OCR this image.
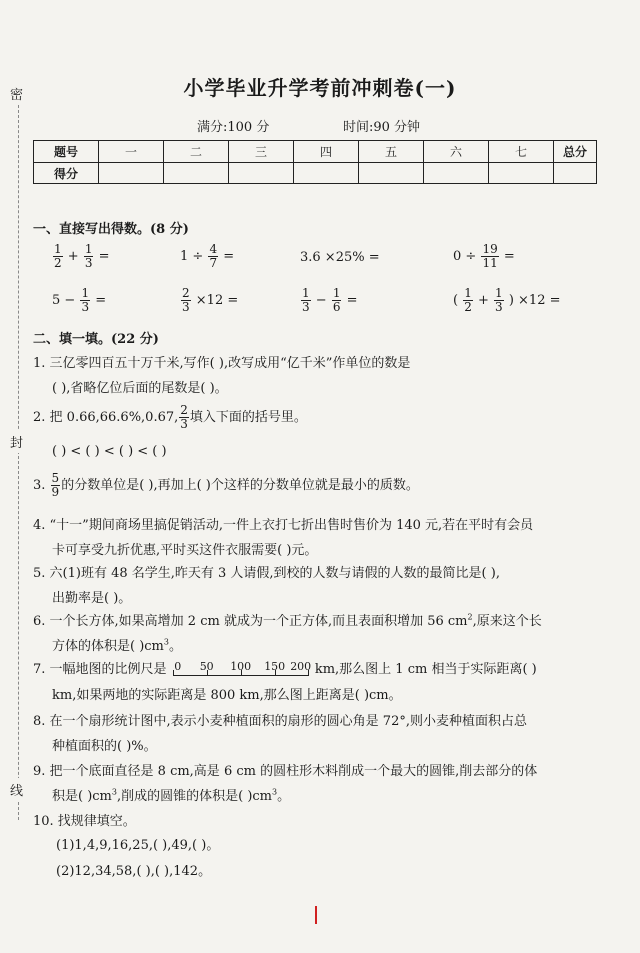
密
封
线
小学毕业升学考前冲刺卷(一)
满分:100 分	时间:90 分钟
题号	一	二	三	四	五	六	七	总分
得分								
一、直接写出得数。(8 分)
$\frac{1}{2} + \frac{1}{3}$ =	$1 \div \frac{4}{7}$ =	3.6 ×25% =	$0 \div \frac{19}{11}$ =
$5 - \frac{1}{3}$ =	$\frac{2}{3} \times 12$ =	$\frac{1}{3} - \frac{1}{6}$ =	( $\frac{1}{2} + \frac{1}{3}$ ) ×12 =
二、填一填。(22 分)
1. 三亿零四百五十万千米,写作( ),改写成用“亿千米”作单位的数是
( ),省略亿位后面的尾数是( )。
2. 把 0.66,66.6%,0.67, $\frac{2}{3}$ 填入下面的括号里。
( ) < ( ) < ( ) < ( )
3. $\frac{5}{9}$ 的分数单位是( ),再加上( )个这样的分数单位就是最小的质数。
4. “十一”期间商场里搞促销活动,一件上衣打七折出售时售价为 140 元,若在平时有会员
卡可享受九折优惠,平时买这件衣服需要( )元。
5. 六(1)班有 48 名学生,昨天有 3 人请假,到校的人数与请假的人数的最简比是( ),
出勤率是( )。
6. 一个长方体,如果高增加 2 cm 就成为一个正方体,而且表面积增加 56 $cm^2$,原来这个长
方体的体积是( )$cm^3$。
7. 一幅地图的比例尺是 0 50 100 150 200 km,那么图上 1 cm 相当于实际距离( )
km,如果两地的实际距离是 800 km,那么图上距离是( )cm。
8. 在一个扇形统计图中,表示小麦种植面积的扇形的圆心角是 72°,则小麦种植面积占总
种植面积的( )%。
9. 把一个底面直径是 8 cm,高是 6 cm 的圆柱形木料削成一个最大的圆锥,削去部分的体
积是( )$cm^3$,削成的圆锥的体积是( )$cm^3$。
10. 找规律填空。
(1)1,4,9,16,25,( ),49,( )。
(2)12,34,58,( ),( ),142。
